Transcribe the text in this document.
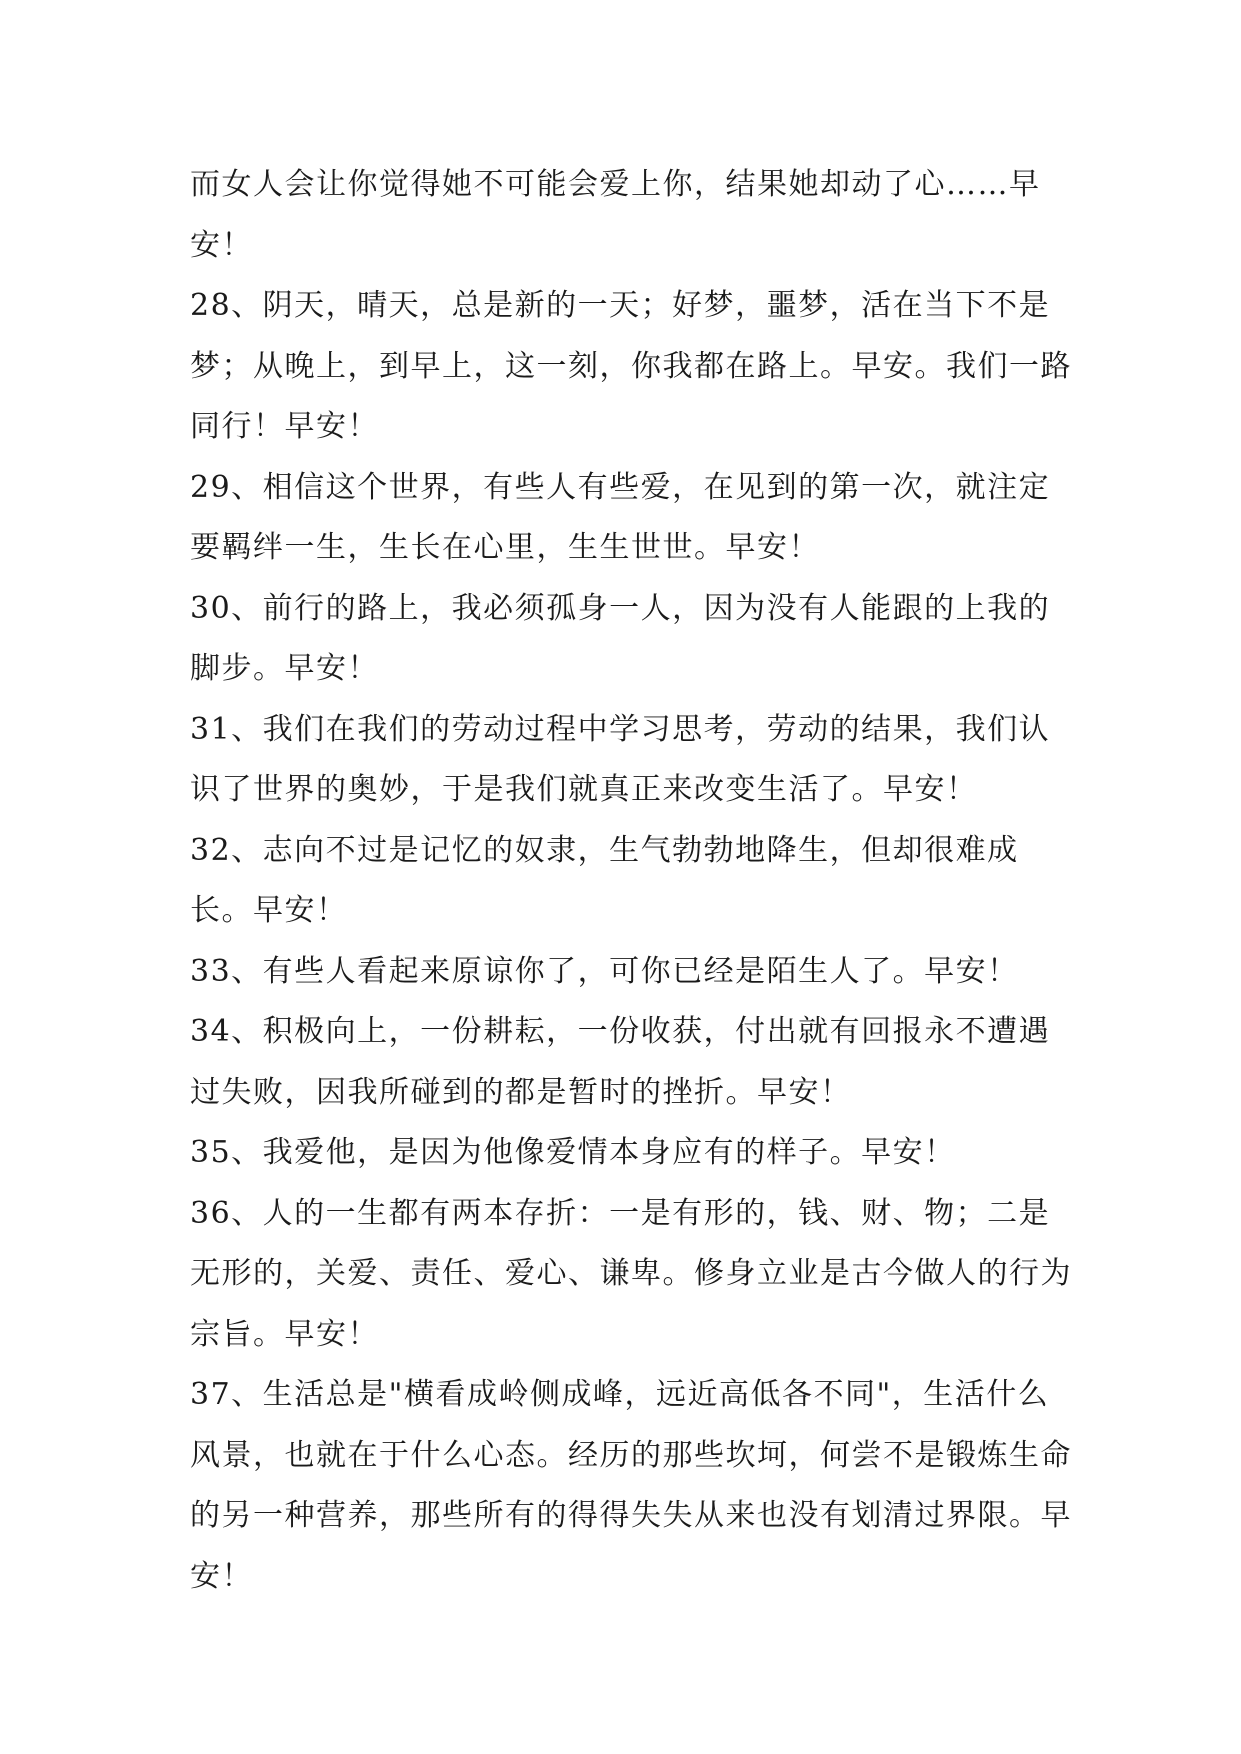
而女人会让你觉得她不可能会爱上你，结果她却动了心……早安！

28、阴天，晴天，总是新的一天；好梦，噩梦，活在当下不是梦；从晚上，到早上，这一刻，你我都在路上。早安。我们一路同行！早安！

29、相信这个世界，有些人有些爱，在见到的第一次，就注定要羁绊一生，生长在心里，生生世世。早安！

30、前行的路上，我必须孤身一人，因为没有人能跟的上我的脚步。早安！

31、我们在我们的劳动过程中学习思考，劳动的结果，我们认识了世界的奥妙，于是我们就真正来改变生活了。早安！

32、志向不过是记忆的奴隶，生气勃勃地降生，但却很难成长。早安！

33、有些人看起来原谅你了，可你已经是陌生人了。早安！

34、积极向上，一份耕耘，一份收获，付出就有回报永不遭遇过失败，因我所碰到的都是暂时的挫折。早安！

35、我爱他，是因为他像爱情本身应有的样子。早安！

36、人的一生都有两本存折：一是有形的，钱、财、物；二是无形的，关爱、责任、爱心、谦卑。修身立业是古今做人的行为宗旨。早安！

37、生活总是"横看成岭侧成峰，远近高低各不同"，生活什么风景，也就在于什么心态。经历的那些坎坷，何尝不是锻炼生命的另一种营养，那些所有的得得失失从来也没有划清过界限。早安！
